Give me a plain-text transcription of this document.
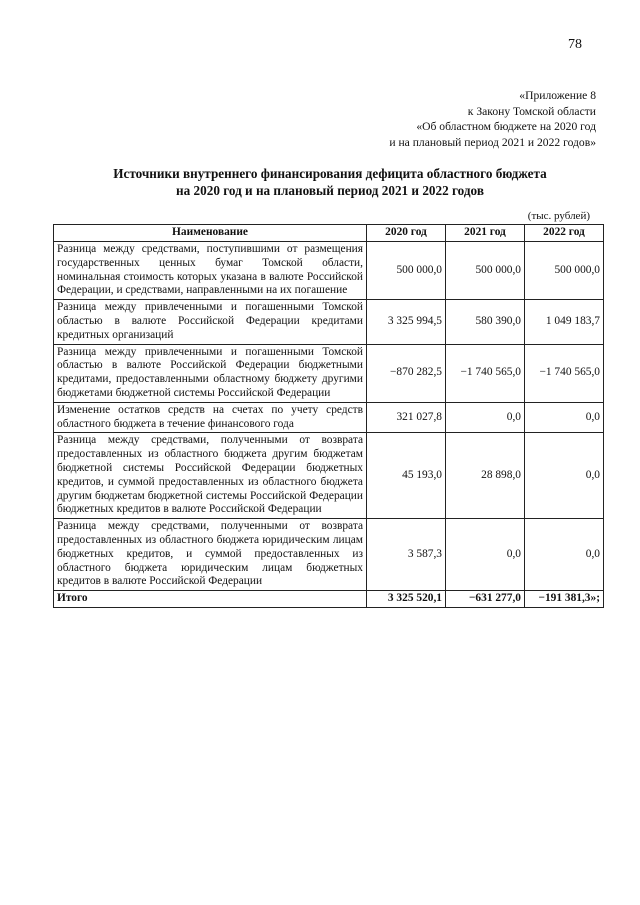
78
«Приложение 8
к Закону Томской области
«Об областном бюджете на 2020 год
и на плановый период 2021 и 2022 годов»
Источники внутреннего финансирования дефицита областного бюджета
на 2020 год и на плановый период 2021 и 2022 годов
(тыс. рублей)
Наименование	2020 год	2021 год	2022 год
Разница между средствами, поступившими от размещения государственных ценных бумаг Томской области, номинальная стоимость которых указана в валюте Российской Федерации, и средствами, направленными на их погашение	500 000,0	500 000,0	500 000,0
Разница между привлеченными и погашенными Томской областью в валюте Российской Федерации кредитами кредитных организаций	3 325 994,5	580 390,0	1 049 183,7
Разница между привлеченными и погашенными Томской областью в валюте Российской Федерации бюджетными кредитами, предоставленными областному бюджету другими бюджетами бюджетной системы Российской Федерации	−870 282,5	−1 740 565,0	−1 740 565,0
Изменение остатков средств на счетах по учету средств областного бюджета в течение финансового года	321 027,8	0,0	0,0
Разница между средствами, полученными от возврата предоставленных из областного бюджета другим бюджетам бюджетной системы Российской Федерации бюджетных кредитов, и суммой предоставленных из областного бюджета другим бюджетам бюджетной системы Российской Федерации бюджетных кредитов в валюте Российской Федерации	45 193,0	28 898,0	0,0
Разница между средствами, полученными от возврата предоставленных из областного бюджета юридическим лицам бюджетных кредитов, и суммой предоставленных из областного бюджета юридическим лицам бюджетных кредитов в валюте Российской Федерации	3 587,3	0,0	0,0
Итого	3 325 520,1	−631 277,0	−191 381,3»;
